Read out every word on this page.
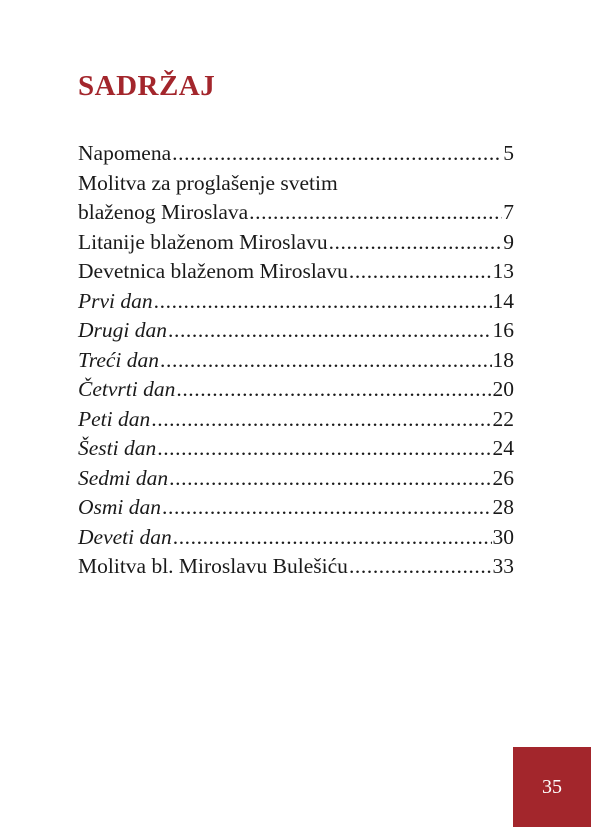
SADRŽAJ
Napomena .....	5
Molitva za proglašenje svetim
blaženog Miroslava .....	7
Litanije blaženom Miroslavu .....	9
Devetnica blaženom Miroslavu .....	13
Prvi dan .....	14
Drugi dan .....	16
Treći dan .....	18
Četvrti dan .....	20
Peti dan .....	22
Šesti dan .....	24
Sedmi dan .....	26
Osmi dan .....	28
Deveti dan .....	30
Molitva bl. Miroslavu Bulešiću .....	33
35
